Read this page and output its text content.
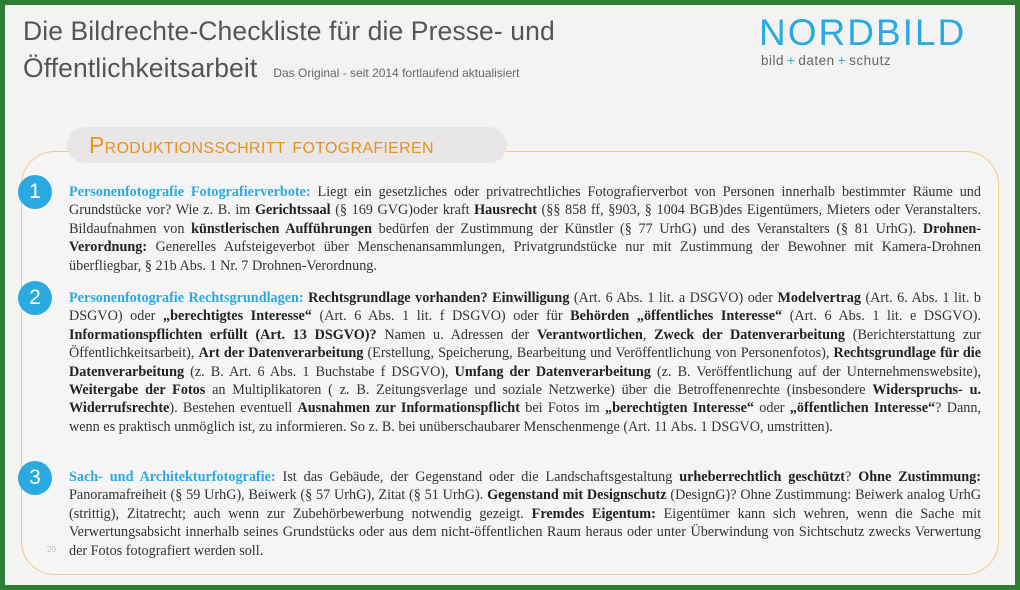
Die Bildrechte-Checkliste für die Presse- und
Öffentlichkeitsarbeit Das Original - seit 2014 fortlaufend aktualisiert
NORDBILD
bild + daten + schutz
Produktionsschritt fotografieren
1	Personenfotografie Fotografierverbote: Liegt ein gesetzliches oder privatrechtliches Fotografierverbot von Personen innerhalb bestimmter Räume und Grundstücke vor? Wie z. B. im Gerichtssaal (§ 169 GVG)oder kraft Hausrecht (§§ 858 ff, §903, § 1004 BGB)des Eigentümers, Mieters oder Veranstalters. Bildaufnahmen von künstlerischen Aufführungen bedürfen der Zustimmung der Künstler (§ 77 UrhG) und des Veranstalters (§ 81 UrhG). Drohnen-Verordnung: Generelles Aufsteigeverbot über Menschenansammlungen, Privatgrundstücke nur mit Zustimmung der Bewohner mit Kamera-Drohnen überfliegbar, § 21b Abs. 1 Nr. 7 Drohnen-Verordnung.
2	Personenfotografie Rechtsgrundlagen: Rechtsgrundlage vorhanden? Einwilligung (Art. 6 Abs. 1 lit. a DSGVO) oder Modelvertrag (Art. 6. Abs. 1 lit. b DSGVO) oder „berechtigtes Interesse“ (Art. 6 Abs. 1 lit. f DSGVO) oder für Behörden „öffentliches Interesse“ (Art. 6 Abs. 1 lit. e DSGVO). Informationspflichten erfüllt (Art. 13 DSGVO)? Namen u. Adressen der Verantwortlichen, Zweck der Datenverarbeitung (Berichterstattung zur Öffentlichkeitsarbeit), Art der Datenverarbeitung (Erstellung, Speicherung, Bearbeitung und Veröffentlichung von Personenfotos), Rechtsgrundlage für die Datenverarbeitung (z. B. Art. 6 Abs. 1 Buchstabe f DSGVO), Umfang der Datenverarbeitung (z. B. Veröffentlichung auf der Unternehmenswebsite), Weitergabe der Fotos an Multiplikatoren ( z. B. Zeitungsverlage und soziale Netzwerke) über die Betroffenenrechte (insbesondere Widerspruchs- u. Widerrufsrechte). Bestehen eventuell Ausnahmen zur Informationspflicht bei Fotos im „berechtigten Interesse“ oder „öffentlichen Interesse“? Dann, wenn es praktisch unmöglich ist, zu informieren. So z. B. bei unüberschaubarer Menschenmenge (Art. 11 Abs. 1 DSGVO, umstritten).
3	Sach- und Architekturfotografie: Ist das Gebäude, der Gegenstand oder die Landschaftsgestaltung urheberrechtlich geschützt? Ohne Zustimmung: Panoramafreiheit (§ 59 UrhG), Beiwerk (§ 57 UrhG), Zitat (§ 51 UrhG). Gegenstand mit Designschutz (DesignG)? Ohne Zustimmung: Beiwerk analog UrhG (strittig), Zitatrecht; auch wenn zur Zubehörbewerbung notwendig gezeigt. Fremdes Eigentum: Eigentümer kann sich wehren, wenn die Sache mit Verwertungsabsicht innerhalb seines Grundstücks oder aus dem nicht-öffentlichen Raum heraus oder unter Überwindung von Sichtschutz zwecks Verwertung der Fotos fotografiert werden soll.
20
